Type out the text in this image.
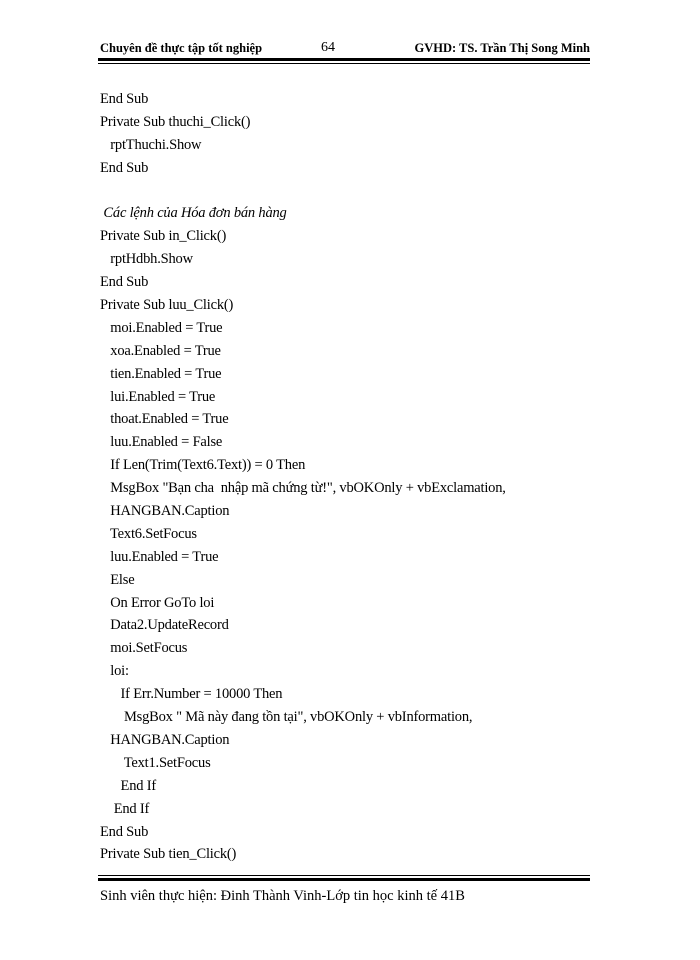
Chuyên đề thực tập tốt nghiệp	64	GVHD: TS. Trần Thị Song Minh
End Sub
Private Sub thuchi_Click()
rptThuchi.Show
End Sub
Các lệnh của Hóa đơn bán hàng
Private Sub in_Click()
rptHdbh.Show
End Sub
Private Sub luu_Click()
moi.Enabled = True
xoa.Enabled = True
tien.Enabled = True
lui.Enabled = True
thoat.Enabled = True
luu.Enabled = False
If Len(Trim(Text6.Text)) = 0 Then
MsgBox "Bạn cha  nhập mã chứng từ!", vbOKOnly + vbExclamation,
HANGBAN.Caption
Text6.SetFocus
luu.Enabled = True
Else
On Error GoTo loi
Data2.UpdateRecord
moi.SetFocus
loi:
If Err.Number = 10000 Then
MsgBox " Mã này đang tồn tại", vbOKOnly + vbInformation,
HANGBAN.Caption
Text1.SetFocus
End If
End If
End Sub
Private Sub tien_Click()
Sinh viên thực hiện: Đinh Thành Vinh-Lớp tin học kinh tế 41B
